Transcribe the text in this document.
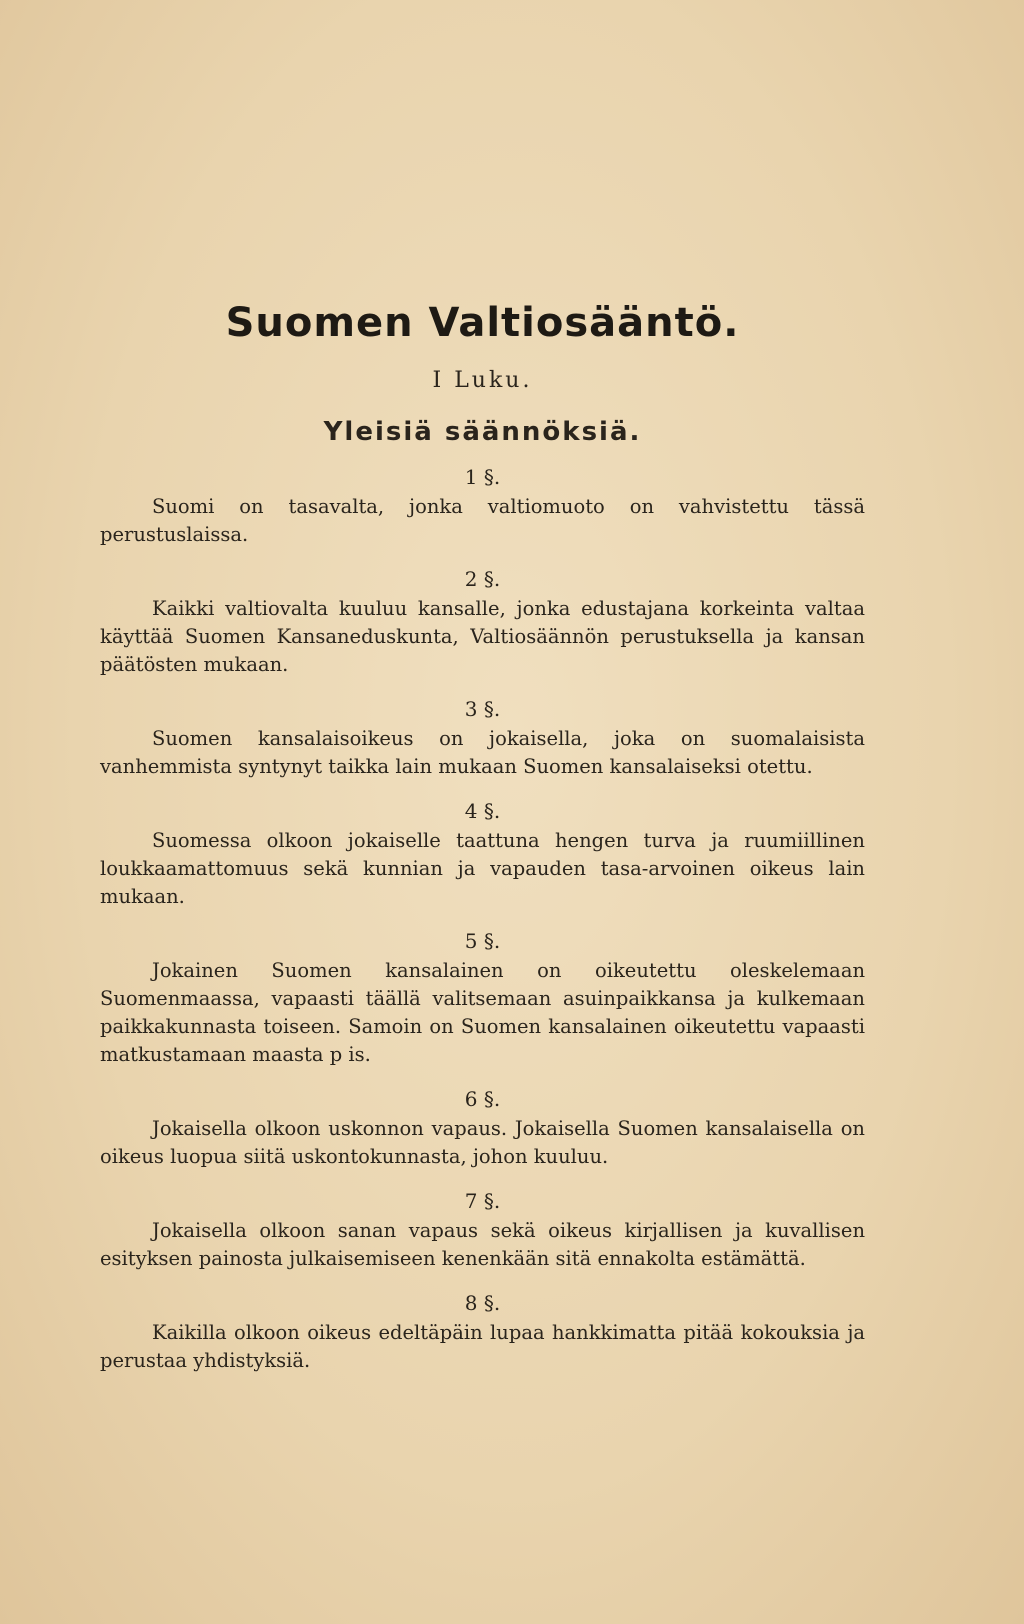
Suomen Valtiosääntö.
I Luku.
Yleisiä säännöksiä.
1 §.

Suomi on tasavalta, jonka valtiomuoto on vahvistettu tässä perustuslaissa.

2 §.

Kaikki valtiovalta kuuluu kansalle, jonka edustajana korkeinta valtaa käyttää Suomen Kansaneduskunta, Valtiosäännön perustuksella ja kansan päätösten mukaan.

3 §.

Suomen kansalaisoikeus on jokaisella, joka on suomalaisista vanhemmista syntynyt taikka lain mukaan Suomen kansalaiseksi otettu.

4 §.

Suomessa olkoon jokaiselle taattuna hengen turva ja ruumiillinen loukkaamattomuus sekä kunnian ja vapauden tasa-arvoinen oikeus lain mukaan.

5 §.

Jokainen Suomen kansalainen on oikeutettu oleskelemaan Suomenmaassa, vapaasti täällä valitsemaan asuinpaikkansa ja kulkemaan paikkakunnasta toiseen. Samoin on Suomen kansalainen oikeutettu vapaasti matkustamaan maasta p is.

6 §.

Jokaisella olkoon uskonnon vapaus. Jokaisella Suomen kansalaisella on oikeus luopua siitä uskontokunnasta, johon kuuluu.

7 §.

Jokaisella olkoon sanan vapaus sekä oikeus kirjallisen ja kuvallisen esityksen painosta julkaisemiseen kenenkään sitä ennakolta estämättä.

8 §.

Kaikilla olkoon oikeus edeltäpäin lupaa hankkimatta pitää kokouksia ja perustaa yhdistyksiä.
